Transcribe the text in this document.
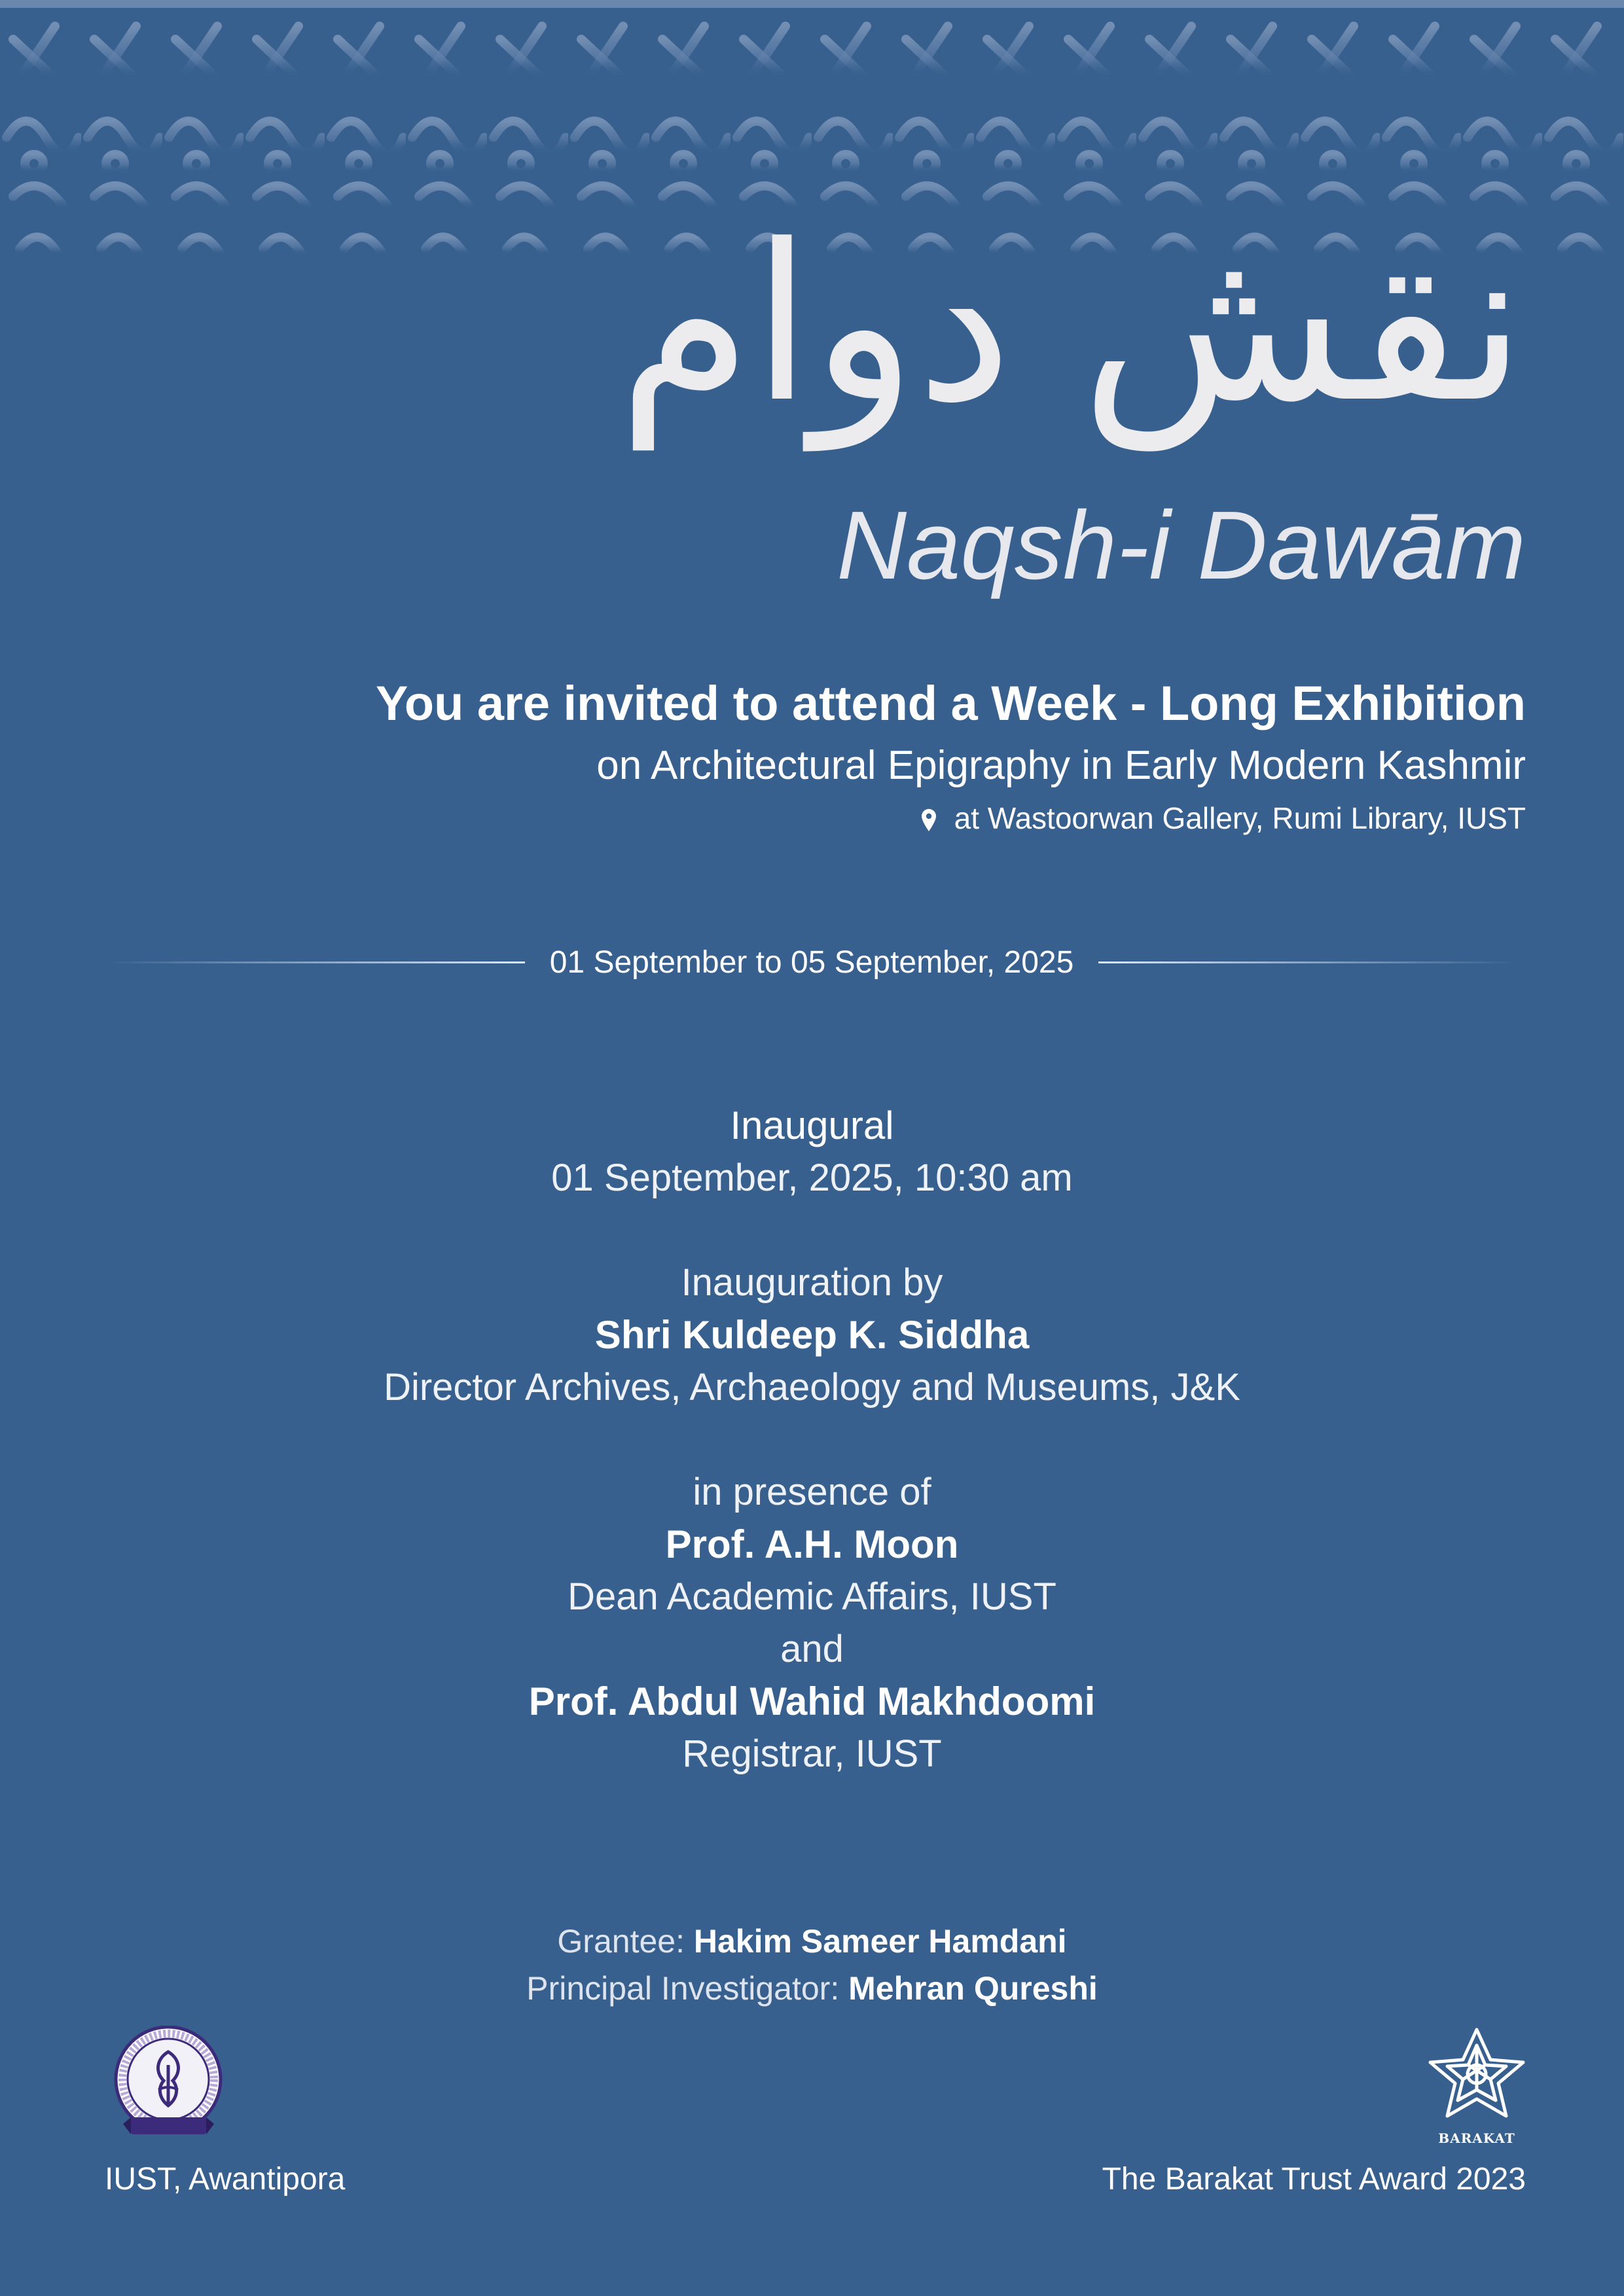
نقش دوام
Naqsh-i Dawām
You are invited to attend a Week - Long Exhibition
on Architectural Epigraphy in Early Modern Kashmir
at Wastoorwan Gallery, Rumi Library, IUST
01 September to 05 September, 2025
Inaugural
01 September, 2025, 10:30 am
Inauguration by
Shri Kuldeep K. Siddha
Director Archives, Archaeology and Museums, J&K
in presence of
Prof. A.H. Moon
Dean Academic Affairs, IUST
and
Prof. Abdul Wahid Makhdoomi
Registrar, IUST
Grantee: Hakim Sameer Hamdani
Principal Investigator: Mehran Qureshi
IUST, Awantipora
BARAKAT
The Barakat Trust Award 2023
